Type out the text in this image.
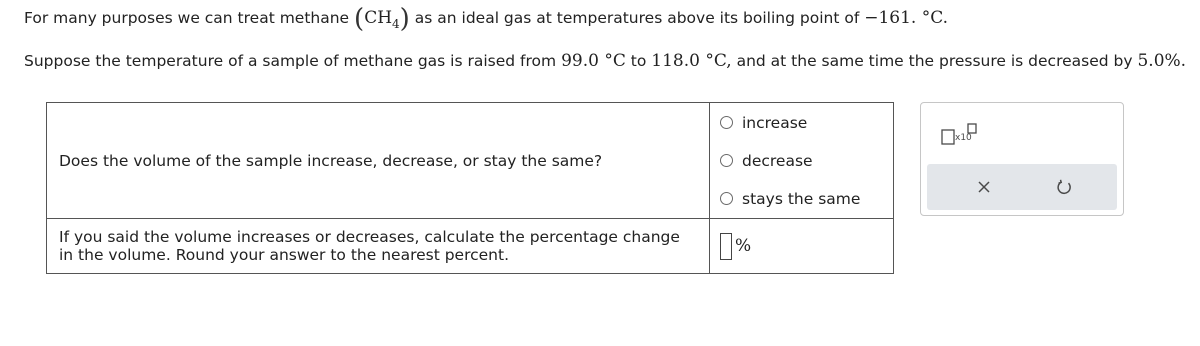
For many purposes we can treat methane $(CH_4)$ as an ideal gas at temperatures above its boiling point of −161. °C.
Suppose the temperature of a sample of methane gas is raised from 99.0 °C to 118.0 °C, and at the same time the pressure is decreased by 5.0%.
Does the volume of the sample increase, decrease, or stay the same?	increase
decrease
stays the same

If you said the volume increases or decreases, calculate the percentage change in the volume. Round your answer to the nearest percent.	%
x10
